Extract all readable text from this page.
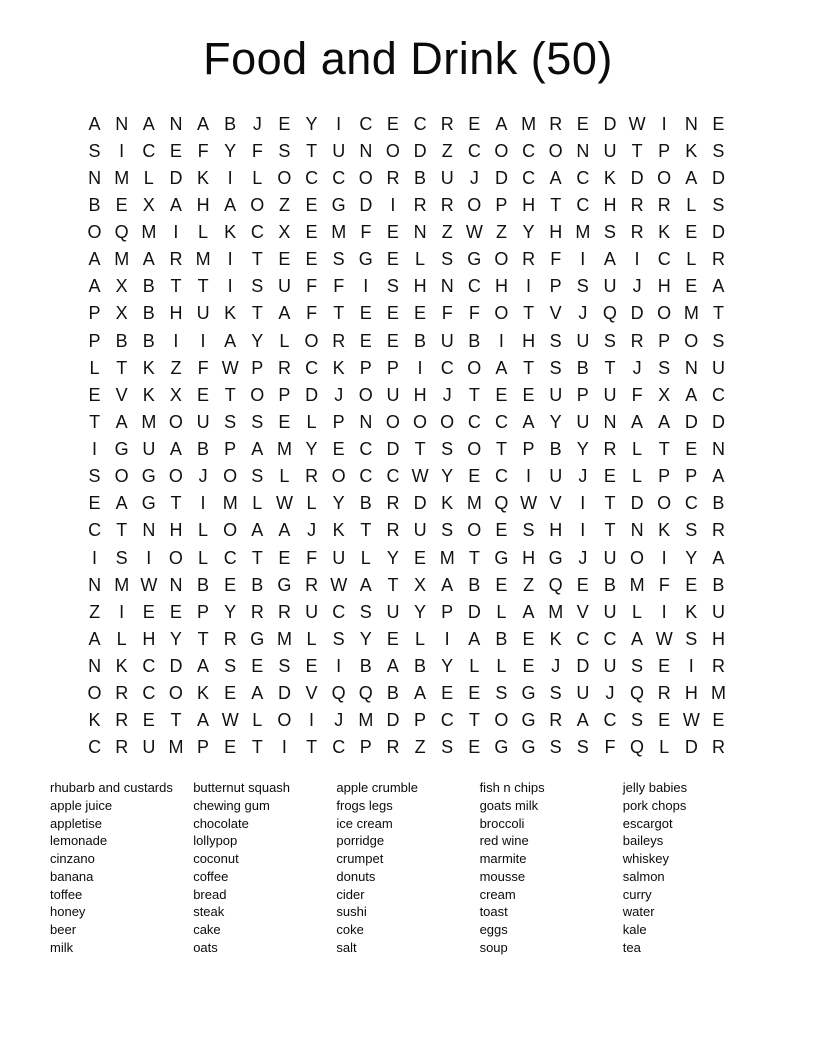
Food and Drink (50)
A N A N A B J E Y	I	C E C R E A M R E D W I	N E
S	I	C E F Y F S T U N O D Z C O C O N U T P K S
N M L D K	I	L O C C O R B U J D C A C K D O A D
B E X A H A O Z E G D	I	R R O P H T C H R R L S
O Q M I	L K C X E M F E N Z W Z Y H M S R K E D
A M A R M I	T E E S G E L S G O R F	I	A	I	C L R
A X B T T	I	S U F F	I	S H N C H	I	P S U J H E A
P X B H U K T A F T E E E F F O T V J Q D O M T
P B B	I	I	A Y L O R E E B U B	I	H S U S R P O S
L T K Z F W P R C K P P	I	C O A T S B T J S N U
E V K X E T O P D J O U H J T E E U P U F X A C
T A M O U S S E L P N O O O C C A Y U N A A D D
I G U A B P A M Y E C D T S O T P B Y R L T E N
S O G O J O S L R O C C W Y E C	I	U J E L P P A
E A G T	I M L W L Y B R D K M Q W V	I	T D O C B
C T N H L O A A J K T R U S O E S H	I	T N K S R
I	S	I O L C T E F U L Y E M T G H G J U O I	Y A
N M W N B E B G R W A T X A B E Z Q E B M F E B
Z	I	E E P Y R R U C S U Y P D L A M V U L	I	K U
A L H Y T R G M L S Y E L	I	A B E K C C A W S H
N K C D A S E S E	I	B A B Y L L E J D U S E	I	R
O R C O K E A D V Q Q B A E E S G S U J Q R H M
K R E T A W L O I	J M D P C T O G R A C S E W E
C R U M P E T	I	T C P R Z S E G G S S F Q L D R
rhubarb and custards
apple juice
appletise
lemonade
cinzano
banana
toffee
honey
beer
milk
butternut squash
chewing gum
chocolate
lollypop
coconut
coffee
bread
steak
cake
oats
apple crumble
frogs legs
ice cream
porridge
crumpet
donuts
cider
sushi
coke
salt
fish n chips
goats milk
broccoli
red wine
marmite
mousse
cream
toast
eggs
soup
jelly babies
pork chops
escargot
baileys
whiskey
salmon
curry
water
kale
tea
